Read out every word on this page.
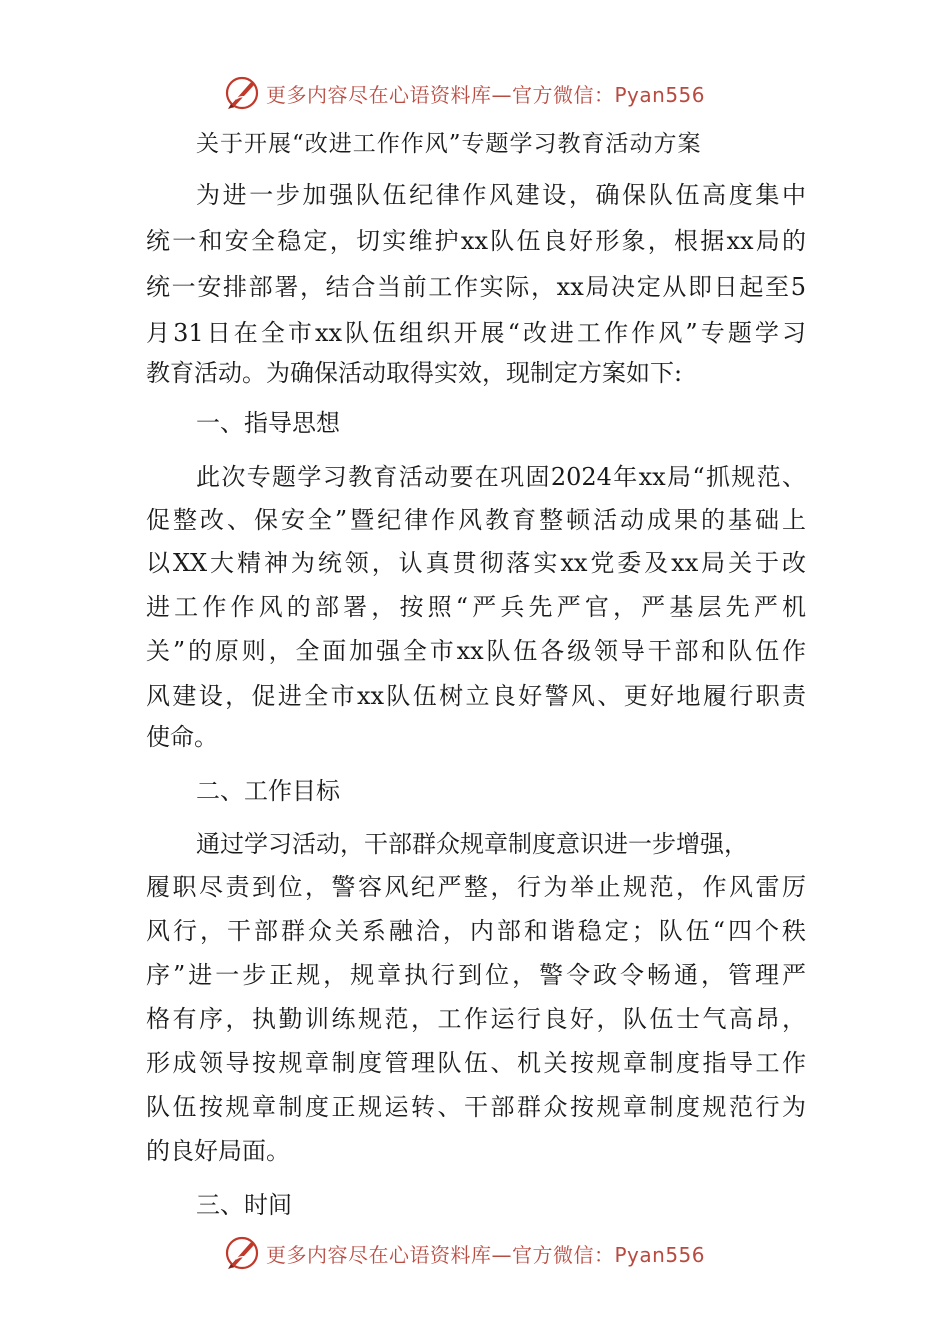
更多内容尽在心语资料库—官方微信：Pyan556
关于开展“改进工作作风”专题学习教育活动方案
为进一步加强队伍纪律作风建设，确保队伍高度集中
统一和安全稳定，切实维护xx队伍良好形象，根据xx局的
统一安排部署，结合当前工作实际，xx局决定从即日起至5
月31日在全市xx队伍组织开展“改进工作作风”专题学习
教育活动。为确保活动取得实效，现制定方案如下:
一、指导思想
此次专题学习教育活动要在巩固2024年xx局“抓规范、
促整改、保安全”暨纪律作风教育整顿活动成果的基础上
以XX大精神为统领，认真贯彻落实xx党委及xx局关于改
进工作作风的部署，按照“严兵先严官，严基层先严机
关”的原则，全面加强全市xx队伍各级领导干部和队伍作
风建设，促进全市xx队伍树立良好警风、更好地履行职责
使命。
二、工作目标
通过学习活动，干部群众规章制度意识进一步增强，
履职尽责到位，警容风纪严整，行为举止规范，作风雷厉
风行，干部群众关系融洽，内部和谐稳定；队伍“四个秩
序”进一步正规，规章执行到位，警令政令畅通，管理严
格有序，执勤训练规范，工作运行良好，队伍士气高昂，
形成领导按规章制度管理队伍、机关按规章制度指导工作
队伍按规章制度正规运转、干部群众按规章制度规范行为
的良好局面。
三、时间
更多内容尽在心语资料库—官方微信：Pyan556
